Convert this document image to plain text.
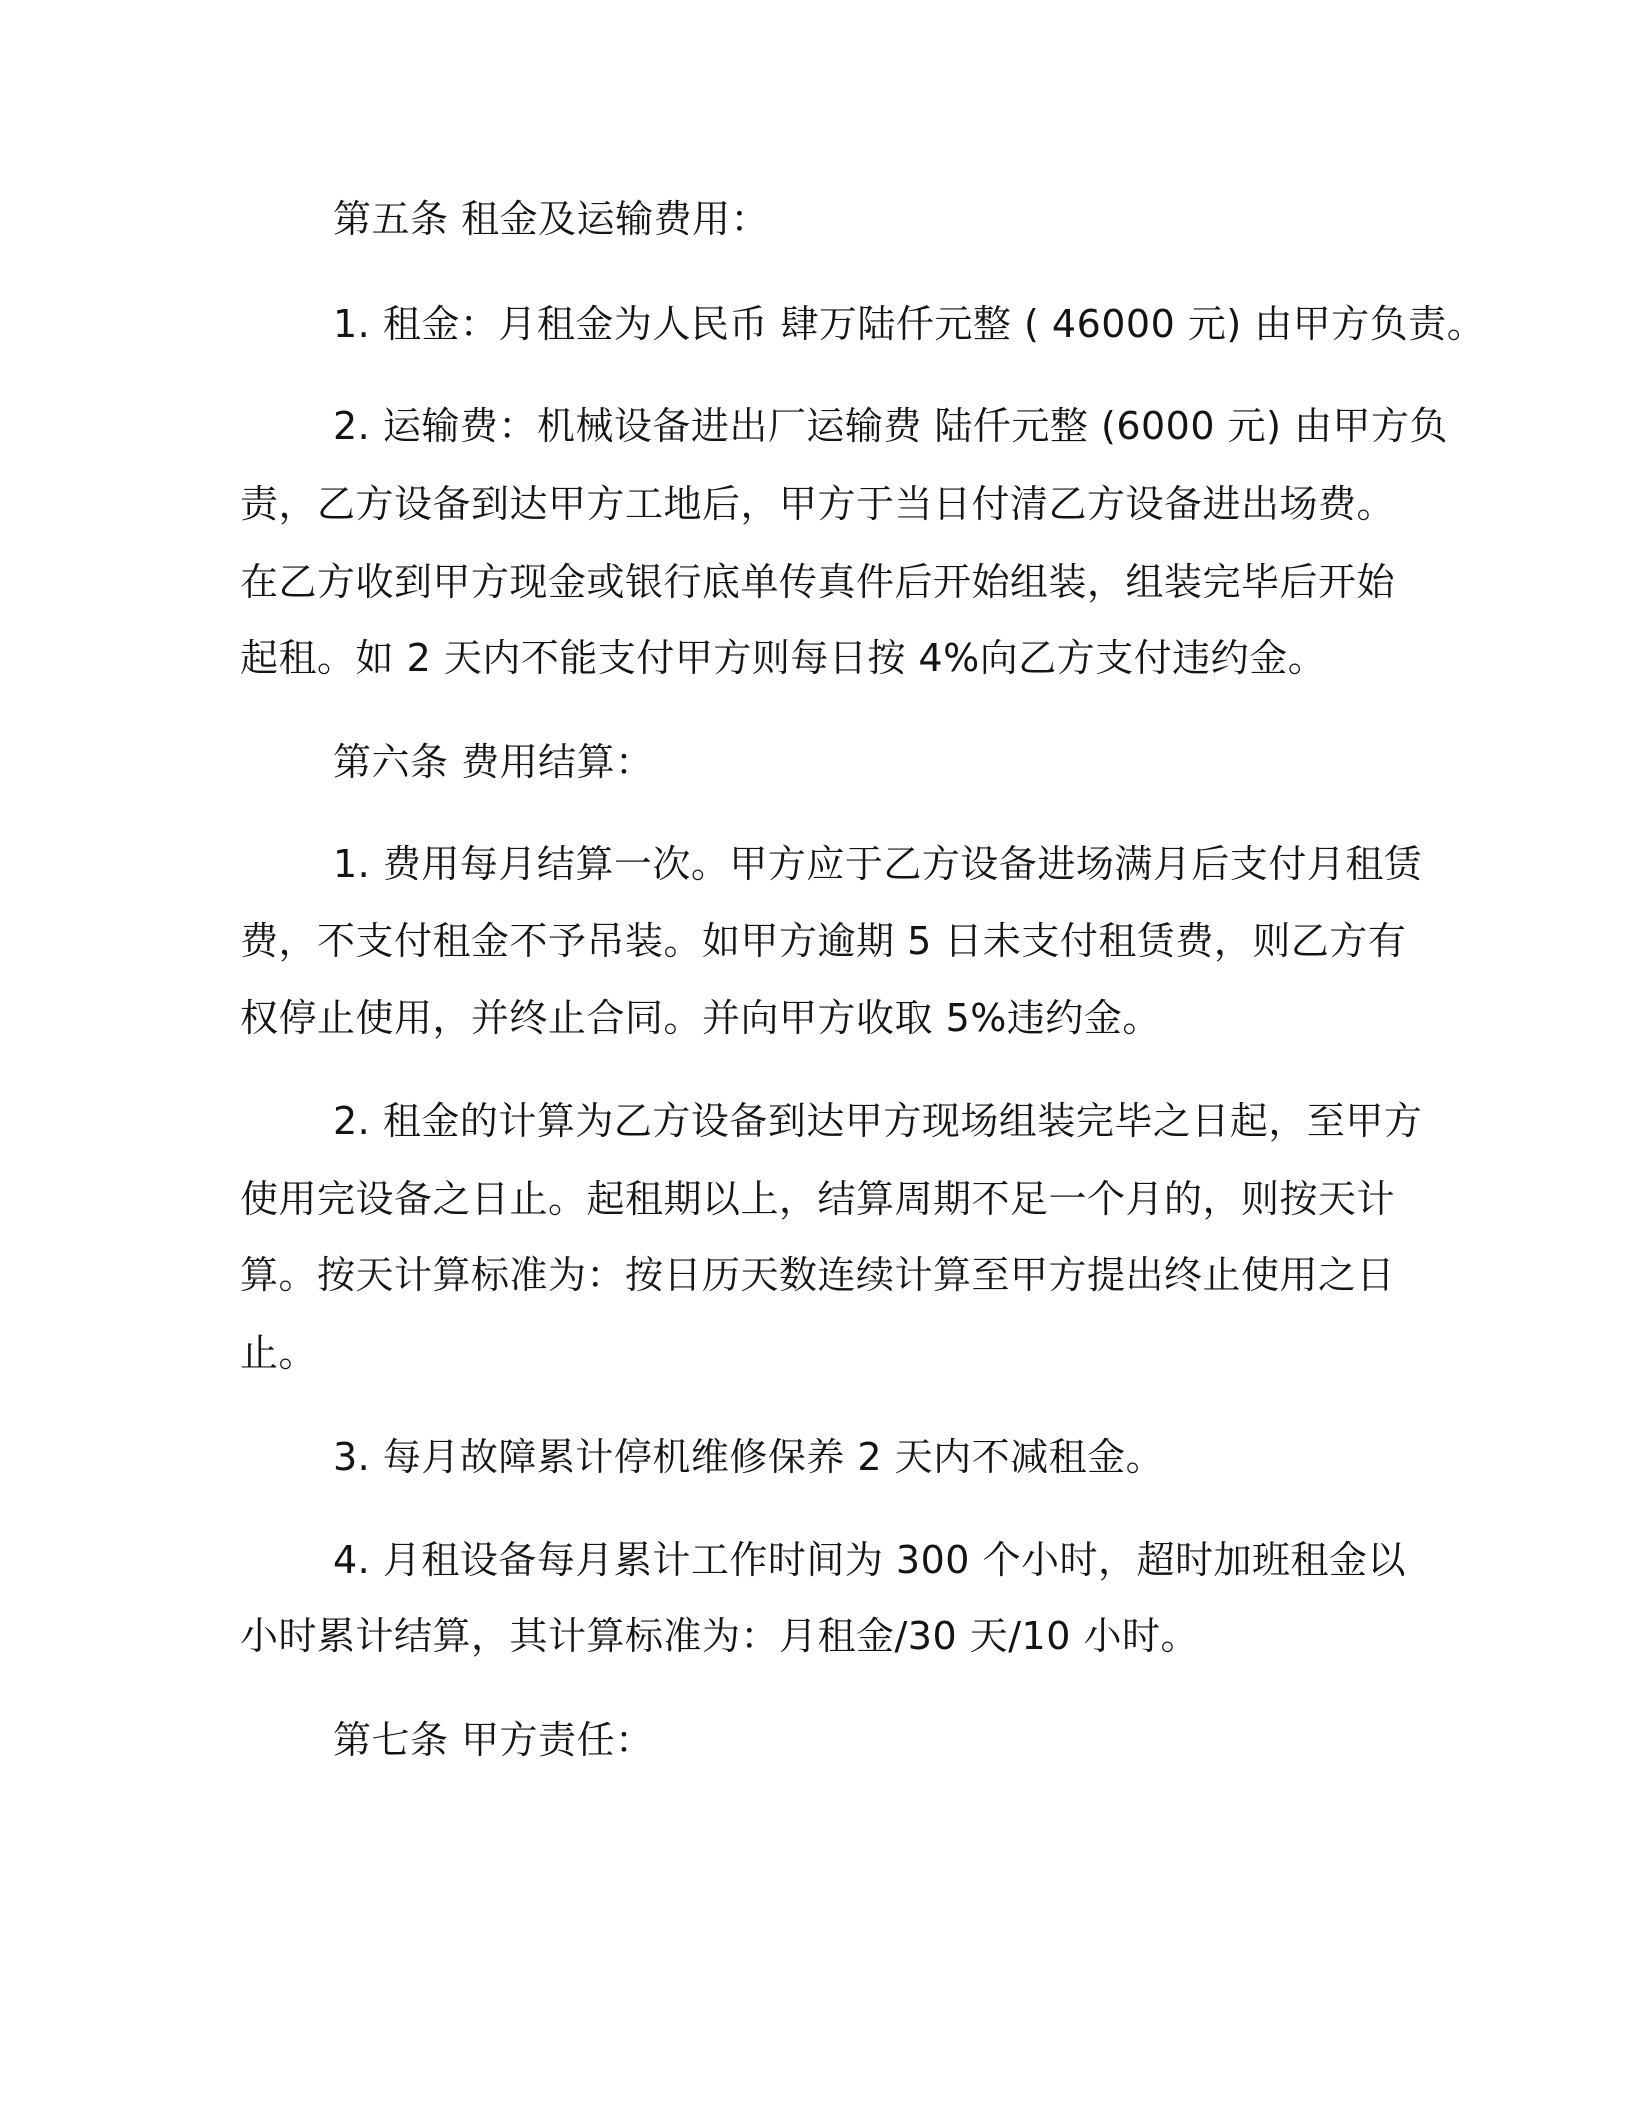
第五条 租金及运输费用：
1. 租金：月租金为人民币 肆万陆仟元整 ( 46000 元) 由甲方负责。
2. 运输费：机械设备进出厂运输费 陆仟元整 (6000 元) 由甲方负
责，乙方设备到达甲方工地后，甲方于当日付清乙方设备进出场费。
在乙方收到甲方现金或银行底单传真件后开始组装，组装完毕后开始
起租。如 2 天内不能支付甲方则每日按 4%向乙方支付违约金。
第六条 费用结算：
1. 费用每月结算一次。甲方应于乙方设备进场满月后支付月租赁
费，不支付租金不予吊装。如甲方逾期 5 日未支付租赁费，则乙方有
权停止使用，并终止合同。并向甲方收取 5%违约金。
2. 租金的计算为乙方设备到达甲方现场组装完毕之日起，至甲方
使用完设备之日止。起租期以上，结算周期不足一个月的，则按天计
算。按天计算标准为：按日历天数连续计算至甲方提出终止使用之日
止。
3. 每月故障累计停机维修保养 2 天内不减租金。
4. 月租设备每月累计工作时间为 300 个小时，超时加班租金以
小时累计结算，其计算标准为：月租金/30 天/10 小时。
第七条 甲方责任：
